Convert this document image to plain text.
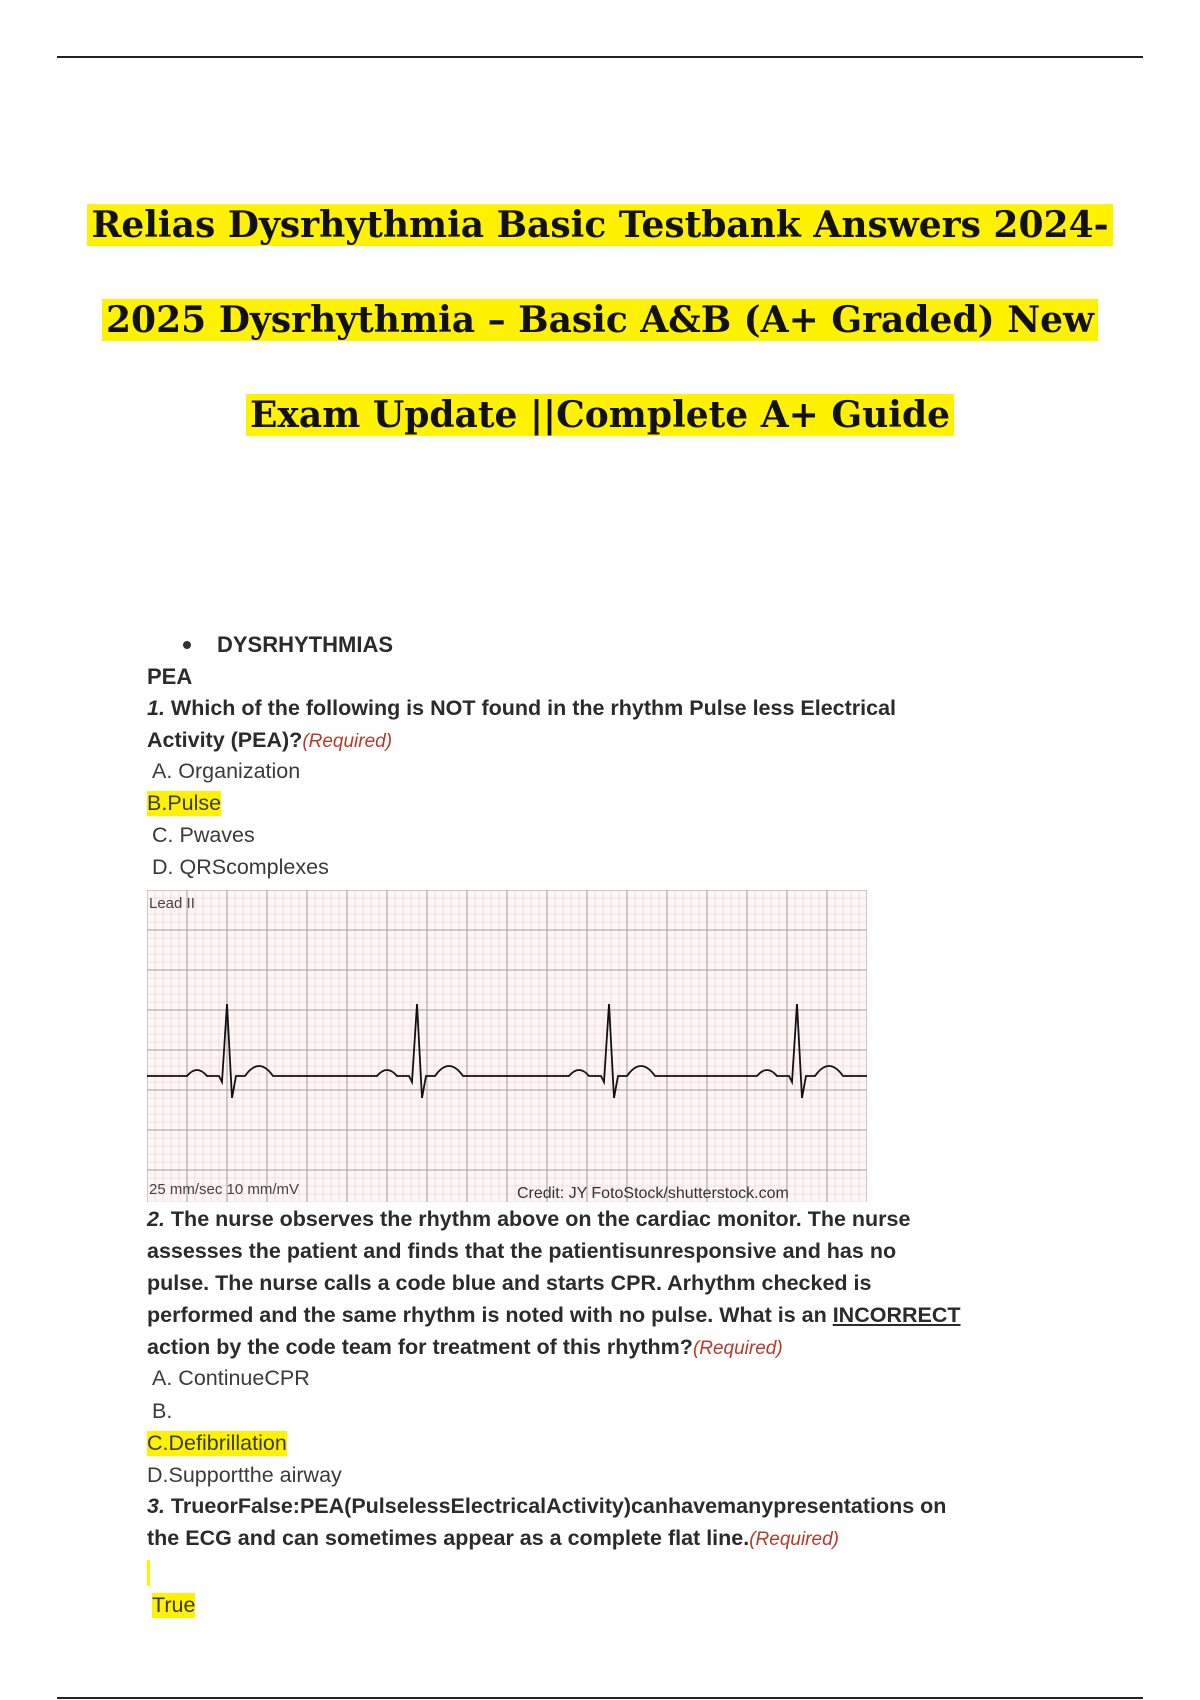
Relias Dysrhythmia Basic Testbank Answers 2024-
2025 Dysrhythmia – Basic A&B (A+ Graded) New
Exam Update ||Complete A+ Guide
DYSRHYTHMIAS
PEA
1. Which of the following is NOT found in the rhythm Pulse less Electrical
Activity (PEA)?(Required)
A. Organization
B.Pulse
C. Pwaves
D. QRScomplexes
2. The nurse observes the rhythm above on the cardiac monitor. The nurse
assesses the patient and finds that the patientisunresponsive and has no
pulse. The nurse calls a code blue and starts CPR. Arhythm checked is
performed and the same rhythm is noted with no pulse. What is an INCORRECT
action by the code team for treatment of this rhythm?(Required)
A. ContinueCPR
B.
C.Defibrillation
D.Supportthe airway
3. TrueorFalse:PEA(PulselessElectricalActivity)canhavemanypresentations on
the ECG and can sometimes appear as a complete flat line.(Required)
True
Lead II
25 mm/sec 10 mm/mV	Credit: JY FotoStock/shutterstock.com
